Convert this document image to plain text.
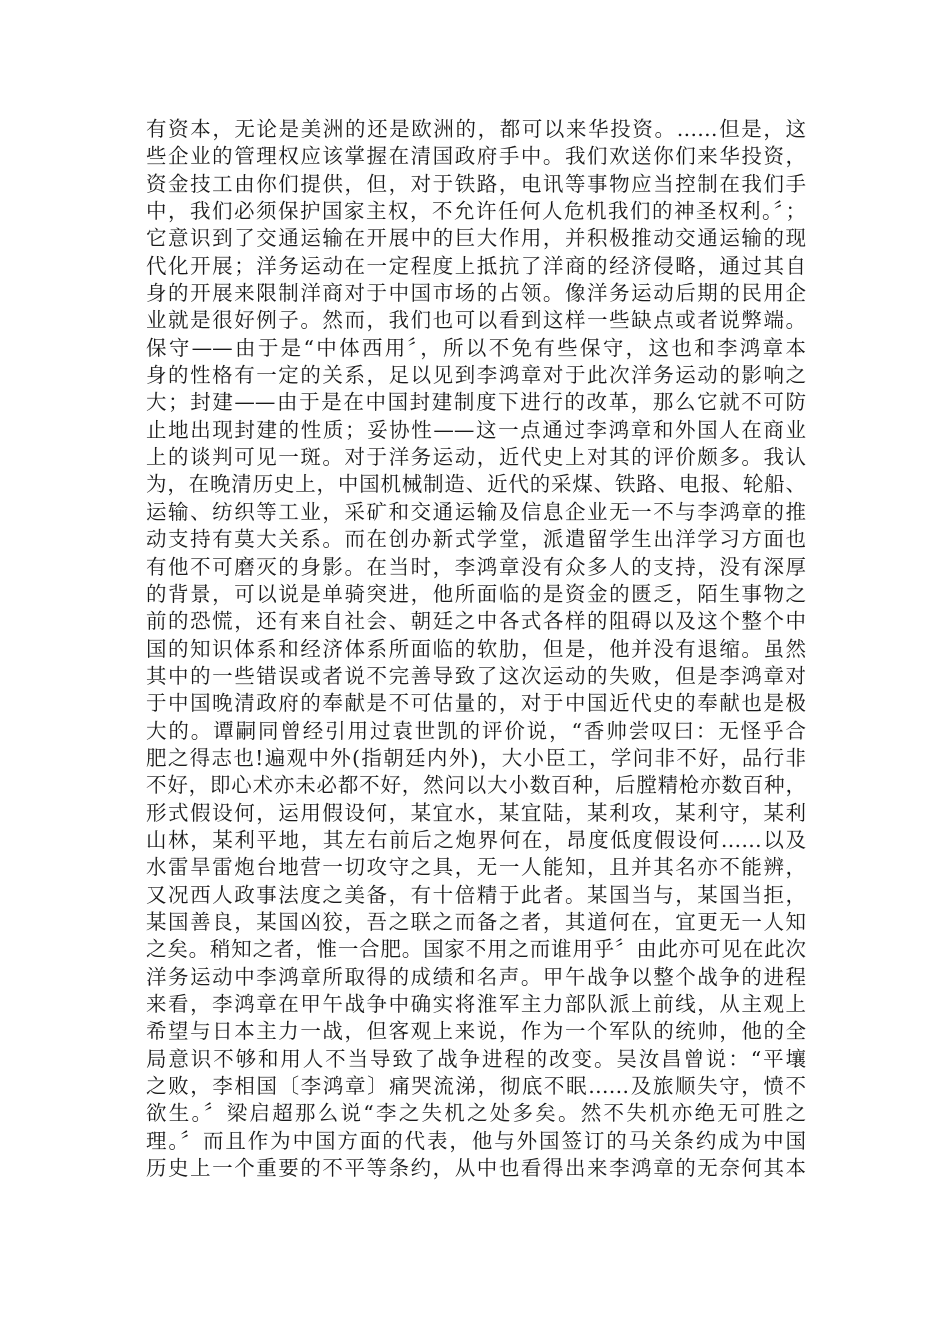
有资本，无论是美洲的还是欧洲的，都可以来华投资。……但是，这
些企业的管理权应该掌握在清国政府手中。我们欢送你们来华投资，
资金技工由你们提供，但，对于铁路，电讯等事物应当控制在我们手
中，我们必须保护国家主权，不允许任何人危机我们的神圣权利。〞；
它意识到了交通运输在开展中的巨大作用，并积极推动交通运输的现
代化开展；洋务运动在一定程度上抵抗了洋商的经济侵略，通过其自
身的开展来限制洋商对于中国市场的占领。像洋务运动后期的民用企
业就是很好例子。然而，我们也可以看到这样一些缺点或者说弊端。
保守——由于是“中体西用〞，所以不免有些保守，这也和李鸿章本
身的性格有一定的关系，足以见到李鸿章对于此次洋务运动的影响之
大；封建——由于是在中国封建制度下进行的改革，那么它就不可防
止地出现封建的性质；妥协性——这一点通过李鸿章和外国人在商业
上的谈判可见一斑。对于洋务运动，近代史上对其的评价颇多。我认
为，在晚清历史上，中国机械制造、近代的采煤、铁路、电报、轮船、
运输、纺织等工业，采矿和交通运输及信息企业无一不与李鸿章的推
动支持有莫大关系。而在创办新式学堂，派遣留学生出洋学习方面也
有他不可磨灭的身影。在当时，李鸿章没有众多人的支持，没有深厚
的背景，可以说是单骑突进，他所面临的是资金的匮乏，陌生事物之
前的恐慌，还有来自社会、朝廷之中各式各样的阻碍以及这个整个中
国的知识体系和经济体系所面临的软肋，但是，他并没有退缩。虽然
其中的一些错误或者说不完善导致了这次运动的失败，但是李鸿章对
于中国晚清政府的奉献是不可估量的，对于中国近代史的奉献也是极
大的。谭嗣同曾经引用过袁世凯的评价说，“香帅尝叹曰：无怪乎合
肥之得志也!遍观中外(指朝廷内外)，大小臣工，学问非不好，品行非
不好，即心术亦未必都不好，然问以大小数百种，后膛精枪亦数百种，
形式假设何，运用假设何，某宜水，某宜陆，某利攻，某利守，某利
山林，某利平地，其左右前后之炮界何在，昂度低度假设何……以及
水雷旱雷炮台地营一切攻守之具，无一人能知，且并其名亦不能辨，
又况西人政事法度之美备，有十倍精于此者。某国当与，某国当拒，
某国善良，某国凶狡，吾之联之而备之者，其道何在，宜更无一人知
之矣。稍知之者，惟一合肥。国家不用之而谁用乎〞由此亦可见在此次
洋务运动中李鸿章所取得的成绩和名声。甲午战争以整个战争的进程
来看，李鸿章在甲午战争中确实将淮军主力部队派上前线，从主观上
希望与日本主力一战，但客观上来说，作为一个军队的统帅，他的全
局意识不够和用人不当导致了战争进程的改变。吴汝昌曾说：“平壤
之败，李相国〔李鸿章〕痛哭流涕，彻底不眠……及旅顺失守，愤不
欲生。〞梁启超那么说“李之失机之处多矣。然不失机亦绝无可胜之
理。〞而且作为中国方面的代表，他与外国签订的马关条约成为中国
历史上一个重要的不平等条约，从中也看得出来李鸿章的无奈何其本
